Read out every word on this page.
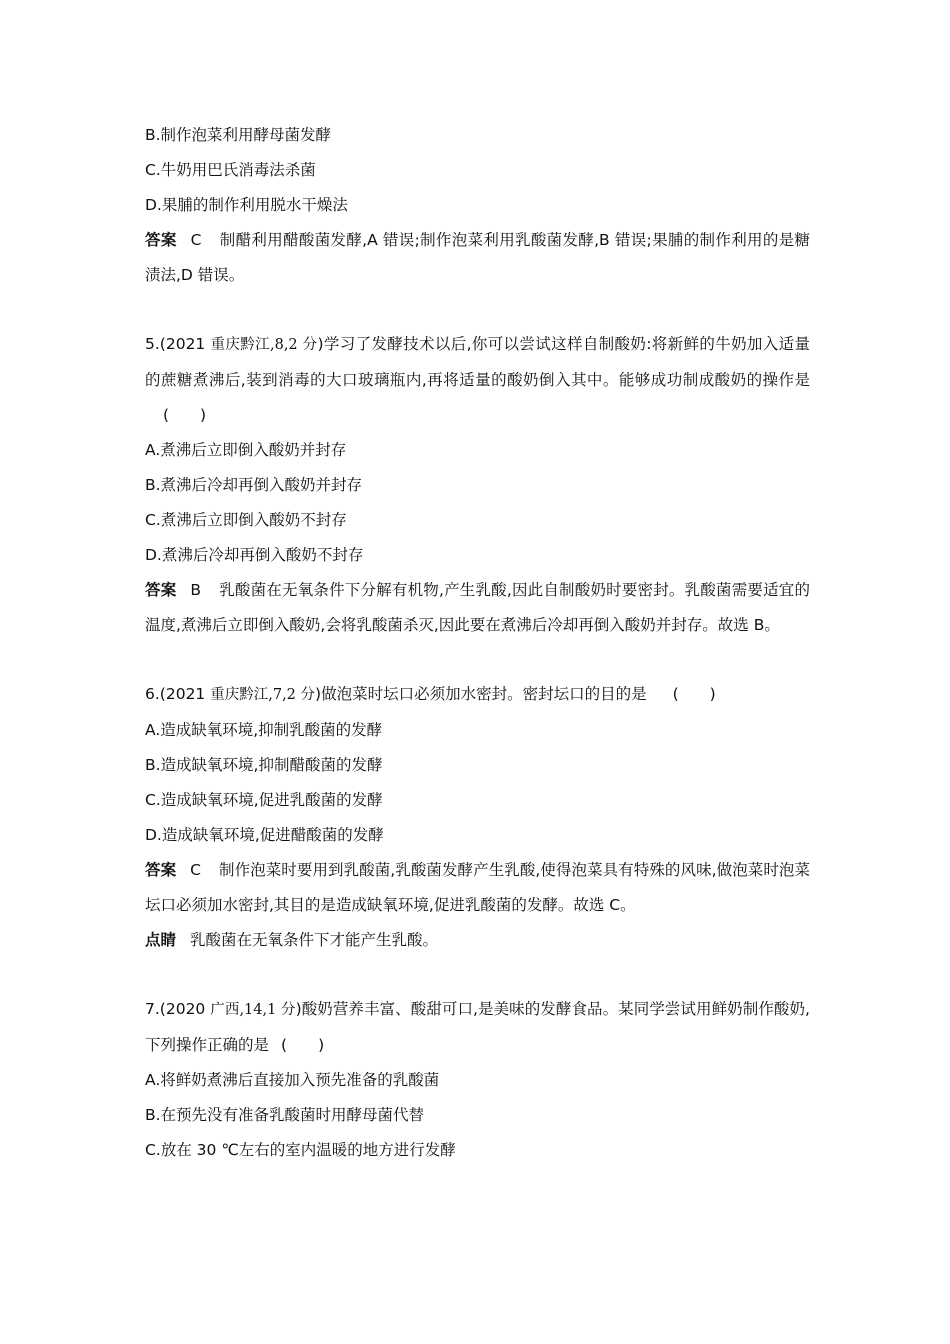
B.制作泡菜利用酵母菌发酵

C.牛奶用巴氏消毒法杀菌

D.果脯的制作利用脱水干燥法

答案 C 制醋利用醋酸菌发酵,A 错误;制作泡菜利用乳酸菌发酵,B 错误;果脯的制作利用的是糖渍法,D 错误。

5.(2021 重庆黔江,8,2 分)学习了发酵技术以后,你可以尝试这样自制酸奶:将新鲜的牛奶加入适量的蔗糖煮沸后,装到消毒的大口玻璃瓶内,再将适量的酸奶倒入其中。能够成功制成酸奶的操作是(　　)

A.煮沸后立即倒入酸奶并封存

B.煮沸后冷却再倒入酸奶并封存

C.煮沸后立即倒入酸奶不封存

D.煮沸后冷却再倒入酸奶不封存

答案 B 乳酸菌在无氧条件下分解有机物,产生乳酸,因此自制酸奶时要密封。乳酸菌需要适宜的温度,煮沸后立即倒入酸奶,会将乳酸菌杀灭,因此要在煮沸后冷却再倒入酸奶并封存。故选 B。

6.(2021 重庆黔江,7,2 分)做泡菜时坛口必须加水密封。密封坛口的目的是 (　　)

A.造成缺氧环境,抑制乳酸菌的发酵

B.造成缺氧环境,抑制醋酸菌的发酵

C.造成缺氧环境,促进乳酸菌的发酵

D.造成缺氧环境,促进醋酸菌的发酵

答案 C 制作泡菜时要用到乳酸菌,乳酸菌发酵产生乳酸,使得泡菜具有特殊的风味,做泡菜时泡菜坛口必须加水密封,其目的是造成缺氧环境,促进乳酸菌的发酵。故选 C。

点睛 乳酸菌在无氧条件下才能产生乳酸。

7.(2020 广西,14,1 分)酸奶营养丰富、酸甜可口,是美味的发酵食品。某同学尝试用鲜奶制作酸奶,下列操作正确的是 (　　)

A.将鲜奶煮沸后直接加入预先准备的乳酸菌

B.在预先没有准备乳酸菌时用酵母菌代替

C.放在 30 ℃左右的室内温暖的地方进行发酵
